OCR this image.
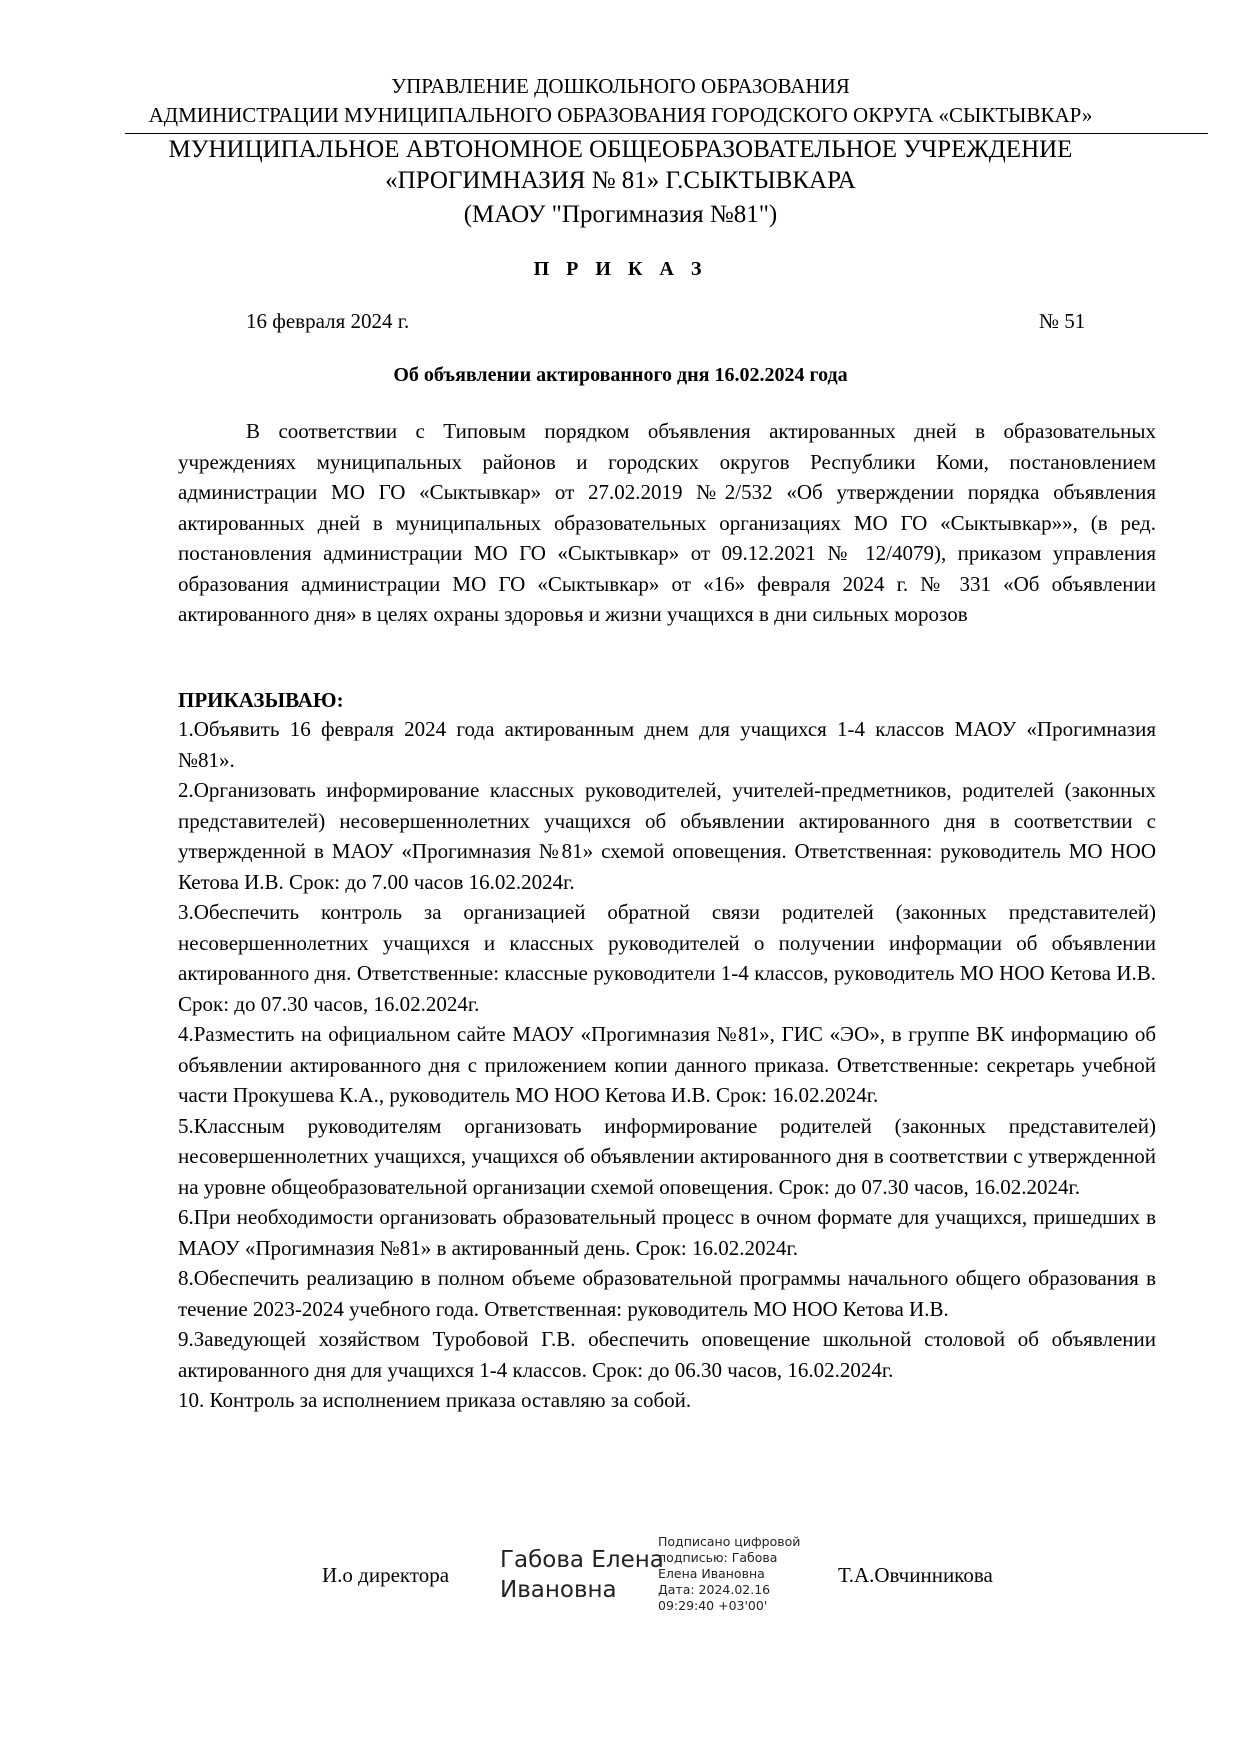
УПРАВЛЕНИЕ ДОШКОЛЬНОГО ОБРАЗОВАНИЯ
АДМИНИСТРАЦИИ МУНИЦИПАЛЬНОГО ОБРАЗОВАНИЯ ГОРОДСКОГО ОКРУГА «СЫКТЫВКАР»
МУНИЦИПАЛЬНОЕ АВТОНОМНОЕ ОБЩЕОБРАЗОВАТЕЛЬНОЕ УЧРЕЖДЕНИЕ
«ПРОГИМНАЗИЯ № 81» Г.СЫКТЫВКАРА
(МАОУ "Прогимназия №81")
П Р И К А З
16 февраля 2024 г.	№ 51
Об объявлении актированного дня 16.02.2024 года
В соответствии с Типовым порядком объявления актированных дней в образовательных учреждениях муниципальных районов и городских округов Республики Коми, постановлением администрации МО ГО «Сыктывкар» от 27.02.2019 №2/532 «Об утверждении порядка объявления актированных дней в муниципальных образовательных организациях МО ГО «Сыктывкар»», (в ред. постановления администрации МО ГО «Сыктывкар» от 09.12.2021 № 12/4079), приказом управления образования администрации МО ГО «Сыктывкар» от «16» февраля 2024 г. № 331 «Об объявлении актированного дня» в целях охраны здоровья и жизни учащихся в дни сильных морозов
ПРИКАЗЫВАЮ:

1.Объявить 16 февраля 2024 года актированным днем для учащихся 1-4 классов МАОУ «Прогимназия №81».

2.Организовать информирование классных руководителей, учителей-предметников, родителей (законных представителей) несовершеннолетних учащихся об объявлении актированного дня в соответствии с утвержденной в МАОУ «Прогимназия №81» схемой оповещения. Ответственная: руководитель МО НОО Кетова И.В. Срок: до 7.00 часов 16.02.2024г.

3.Обеспечить контроль за организацией обратной связи родителей (законных представителей) несовершеннолетних учащихся и классных руководителей о получении информации об объявлении актированного дня. Ответственные: классные руководители 1-4 классов, руководитель МО НОО Кетова И.В. Срок: до 07.30 часов, 16.02.2024г.

4.Разместить на официальном сайте МАОУ «Прогимназия №81», ГИС «ЭО», в группе ВК информацию об объявлении актированного дня с приложением копии данного приказа. Ответственные: секретарь учебной части Прокушева К.А., руководитель МО НОО Кетова И.В. Срок: 16.02.2024г.

5.Классным руководителям организовать информирование родителей (законных представителей) несовершеннолетних учащихся, учащихся об объявлении актированного дня в соответствии с утвержденной на уровне общеобразовательной организации схемой оповещения. Срок: до 07.30 часов, 16.02.2024г.

6.При необходимости организовать образовательный процесс в очном формате для учащихся, пришедших в МАОУ «Прогимназия №81» в актированный день. Срок: 16.02.2024г.

8.Обеспечить реализацию в полном объеме образовательной программы начального общего образования в течение 2023-2024 учебного года. Ответственная: руководитель МО НОО Кетова И.В.

9.Заведующей хозяйством Туробовой Г.В. обеспечить оповещение школьной столовой об объявлении актированного дня для учащихся 1-4 классов. Срок: до 06.30 часов, 16.02.2024г.

10. Контроль за исполнением приказа оставляю за собой.

И.о директора
Габова Елена
Ивановна
Подписано цифровой
подписью: Габова
Елена Ивановна
Дата: 2024.02.16
09:29:40 +03'00'
Т.А.Овчинникова
